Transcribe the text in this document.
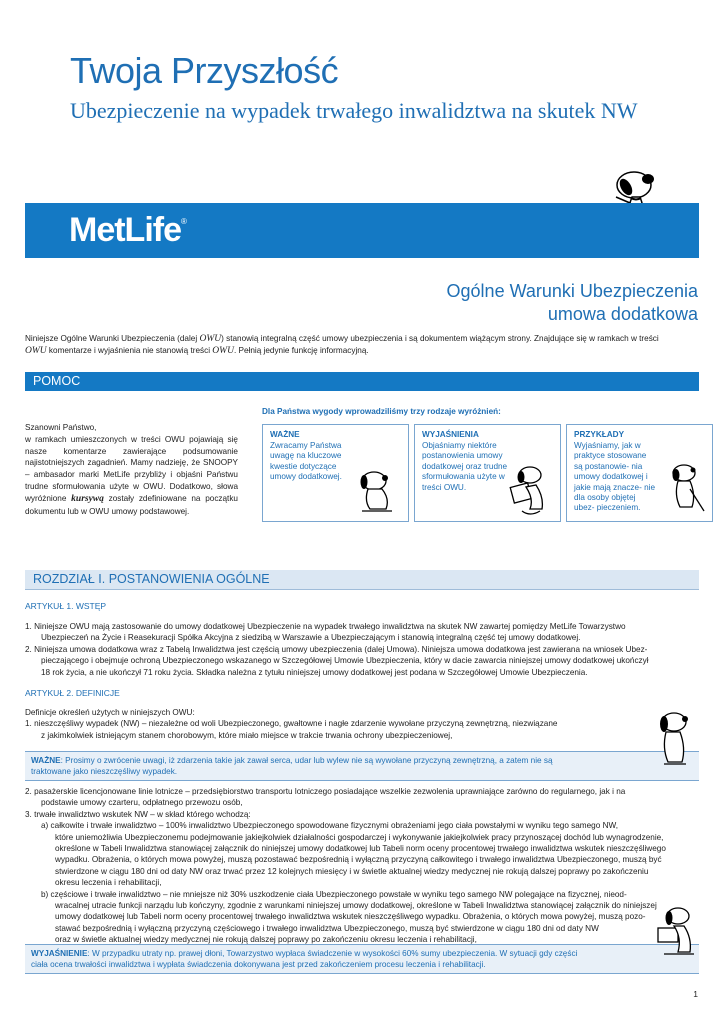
Twoja Przyszłość
Ubezpieczenie na wypadek trwałego inwalidztwa na skutek NW
MetLife®
Ogólne Warunki Ubezpieczenia
umowa dodatkowa
Niniejsze Ogólne Warunki Ubezpieczenia (dalej OWU) stanowią integralną część umowy ubezpieczenia i są dokumentem wiążącym strony. Znajdujące się w ramkach w treści
OWU komentarze i wyjaśnienia nie stanowią treści OWU. Pełnią jedynie funkcję informacyjną.
POMOC
Szanowni Państwo,
w ramkach umieszczonych w treści OWU pojawiają się nasze komentarze zawierające podsumowanie najistotniejszych zagadnień. Mamy nadzieję, że SNOOPY – ambasador marki MetLife przybliży i objaśni Państwu trudne sformułowania użyte w OWU. Dodatkowo, słowa wyróżnione kursywą zostały zdefiniowane na początku dokumentu lub w OWU umowy podstawowej.
Dla Państwa wygody wprowadziliśmy trzy rodzaje wyróżnień:
WAŻNE
Zwracamy Państwa uwagę na kluczowe kwestie dotyczące umowy dodatkowej.
WYJAŚNIENIA
Objaśniamy niektóre postanowienia umowy dodatkowej oraz trudne sformułowania użyte w treści OWU.
PRZYKŁADY
Wyjaśniamy, jak w praktyce stosowane są postanowie- nia umowy dodatkowej i jakie mają znacze- nie dla osoby objętej ubez- pieczeniem.
ROZDZIAŁ I. POSTANOWIENIA OGÓLNE
ARTYKUŁ 1. WSTĘP
1. Niniejsze OWU mają zastosowanie do umowy dodatkowej Ubezpieczenie na wypadek trwałego inwalidztwa na skutek NW zawartej pomiędzy MetLife Towarzystwo
Ubezpieczeń na Życie i Reasekuracji Spółka Akcyjna z siedzibą w Warszawie a Ubezpieczającym i stanowią integralną część tej umowy dodatkowej.
2. Niniejsza umowa dodatkowa wraz z Tabelą Inwalidztwa jest częścią umowy ubezpieczenia (dalej Umowa). Niniejsza umowa dodatkowa jest zawierana na wniosek Ubez-
pieczającego i obejmuje ochroną Ubezpieczonego wskazanego w Szczegółowej Umowie Ubezpieczenia, który w dacie zawarcia niniejszej umowy dodatkowej ukończył
18 rok życia, a nie ukończył 71 roku życia. Składka należna z tytułu niniejszej umowy dodatkowej jest podana w Szczegółowej Umowie Ubezpieczenia.
ARTYKUŁ 2. DEFINICJE
Definicje określeń użytych w niniejszych OWU:
1. nieszczęśliwy wypadek (NW) – niezależne od woli Ubezpieczonego, gwałtowne i nagłe zdarzenie wywołane przyczyną zewnętrzną, niezwiązane
z jakimkolwiek istniejącym stanem chorobowym, które miało miejsce w trakcie trwania ochrony ubezpieczeniowej,
WAŻNE: Prosimy o zwrócenie uwagi, iż zdarzenia takie jak zawał serca, udar lub wylew nie są wywołane przyczyną zewnętrzną, a zatem nie są
traktowane jako nieszczęśliwy wypadek.
2. pasażerskie licencjonowane linie lotnicze – przedsiębiorstwo transportu lotniczego posiadające wszelkie zezwolenia uprawniające zarówno do regularnego, jak i na
podstawie umowy czarteru, odpłatnego przewozu osób,
3. trwałe inwalidztwo wskutek NW – w skład którego wchodzą:
a) całkowite i trwałe inwalidztwo – 100% inwalidztwo Ubezpieczonego spowodowane fizycznymi obrażeniami jego ciała powstałymi w wyniku tego samego NW,
które uniemożliwia Ubezpieczonemu podejmowanie jakiejkolwiek działalności gospodarczej i wykonywanie jakiejkolwiek pracy przynoszącej dochód lub wynagrodzenie,
określone w Tabeli Inwalidztwa stanowiącej załącznik do niniejszej umowy dodatkowej lub Tabeli norm oceny procentowej trwałego inwalidztwa wskutek nieszczęśliwego
wypadku. Obrażenia, o których mowa powyżej, muszą pozostawać bezpośrednią i wyłączną przyczyną całkowitego i trwałego inwalidztwa Ubezpieczonego, muszą być
stwierdzone w ciągu 180 dni od daty NW oraz trwać przez 12 kolejnych miesięcy i w świetle aktualnej wiedzy medycznej nie rokują dalszej poprawy po zakończeniu
okresu leczenia i rehabilitacji,
b) częściowe i trwałe inwalidztwo – nie mniejsze niż 30% uszkodzenie ciała Ubezpieczonego powstałe w wyniku tego samego NW polegające na fizycznej, nieod-
wracalnej utracie funkcji narządu lub kończyny, zgodnie z warunkami niniejszej umowy dodatkowej, określone w Tabeli Inwalidztwa stanowiącej załącznik do niniejszej
umowy dodatkowej lub Tabeli norm oceny procentowej trwałego inwalidztwa wskutek nieszczęśliwego wypadku. Obrażenia, o których mowa powyżej, muszą pozo-
stawać bezpośrednią i wyłączną przyczyną częściowego i trwałego inwalidztwa Ubezpieczonego, muszą być stwierdzone w ciągu 180 dni od daty NW
oraz w świetle aktualnej wiedzy medycznej nie rokują dalszej poprawy po zakończeniu okresu leczenia i rehabilitacji,
WYJAŚNIENIE: W przypadku utraty np. prawej dłoni, Towarzystwo wypłaca świadczenie w wysokości 60% sumy ubezpieczenia. W sytuacji gdy części
ciała ocena trwałości inwalidztwa i wypłata świadczenia dokonywana jest przed zakończeniem procesu leczenia i rehabilitacji.
1
